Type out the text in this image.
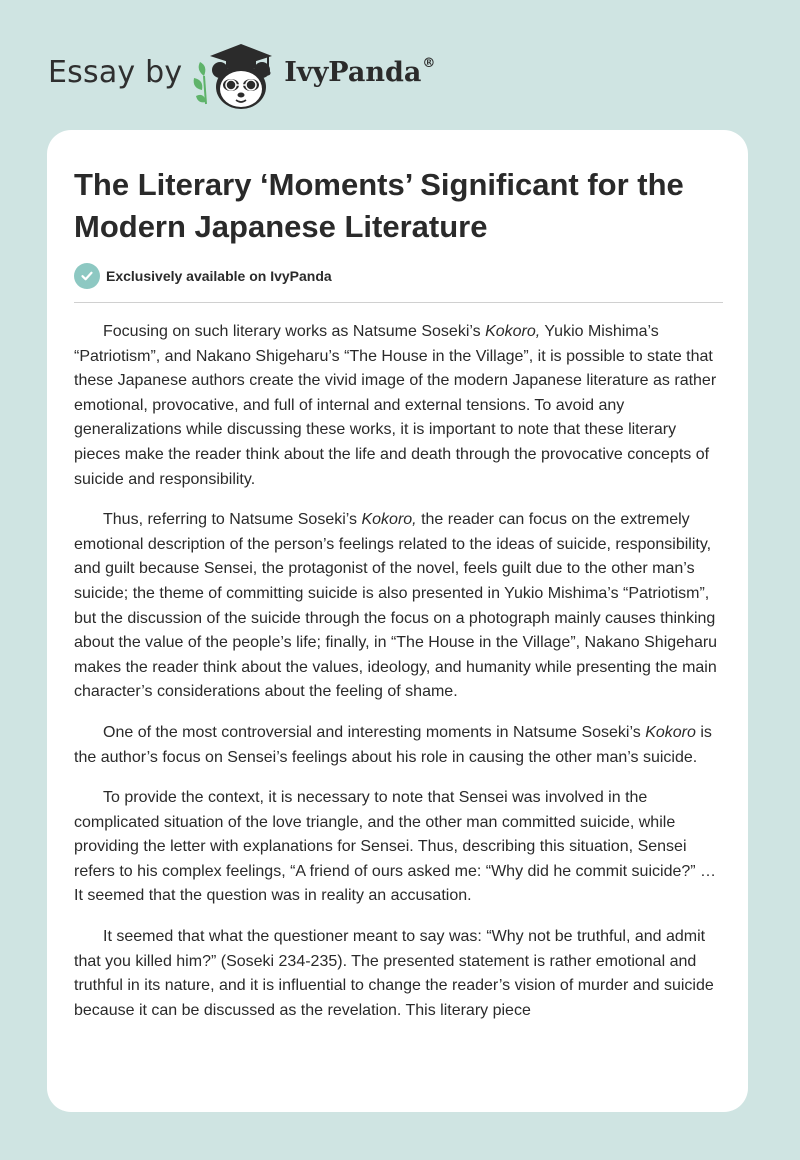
Essay by	IvyPanda®
The Literary ‘Moments’ Significant for the Modern Japanese Literature
Exclusively available on IvyPanda

Focusing on such literary works as Natsume Soseki’s Kokoro, Yukio Mishima’s “Patriotism”, and Nakano Shigeharu’s “The House in the Village”, it is possible to state that these Japanese authors create the vivid image of the modern Japanese literature as rather emotional, provocative, and full of internal and external tensions. To avoid any generalizations while discussing these works, it is important to note that these literary pieces make the reader think about the life and death through the provocative concepts of suicide and responsibility.

Thus, referring to Natsume Soseki’s Kokoro, the reader can focus on the extremely emotional description of the person’s feelings related to the ideas of suicide, responsibility, and guilt because Sensei, the protagonist of the novel, feels guilt due to the other man’s suicide; the theme of committing suicide is also presented in Yukio Mishima’s “Patriotism”, but the discussion of the suicide through the focus on a photograph mainly causes thinking about the value of the people’s life; finally, in “The House in the Village”, Nakano Shigeharu makes the reader think about the values, ideology, and humanity while presenting the main character’s considerations about the feeling of shame.

One of the most controversial and interesting moments in Natsume Soseki’s Kokoro is the author’s focus on Sensei’s feelings about his role in causing the other man’s suicide.

To provide the context, it is necessary to note that Sensei was involved in the complicated situation of the love triangle, and the other man committed suicide, while providing the letter with explanations for Sensei. Thus, describing this situation, Sensei refers to his complex feelings, “A friend of ours asked me: “Why did he commit suicide?” … It seemed that the question was in reality an accusation.

It seemed that what the questioner meant to say was: “Why not be truthful, and admit that you killed him?” (Soseki 234-235). The presented statement is rather emotional and truthful in its nature, and it is influential to change the reader’s vision of murder and suicide because it can be discussed as the revelation. This literary piece
